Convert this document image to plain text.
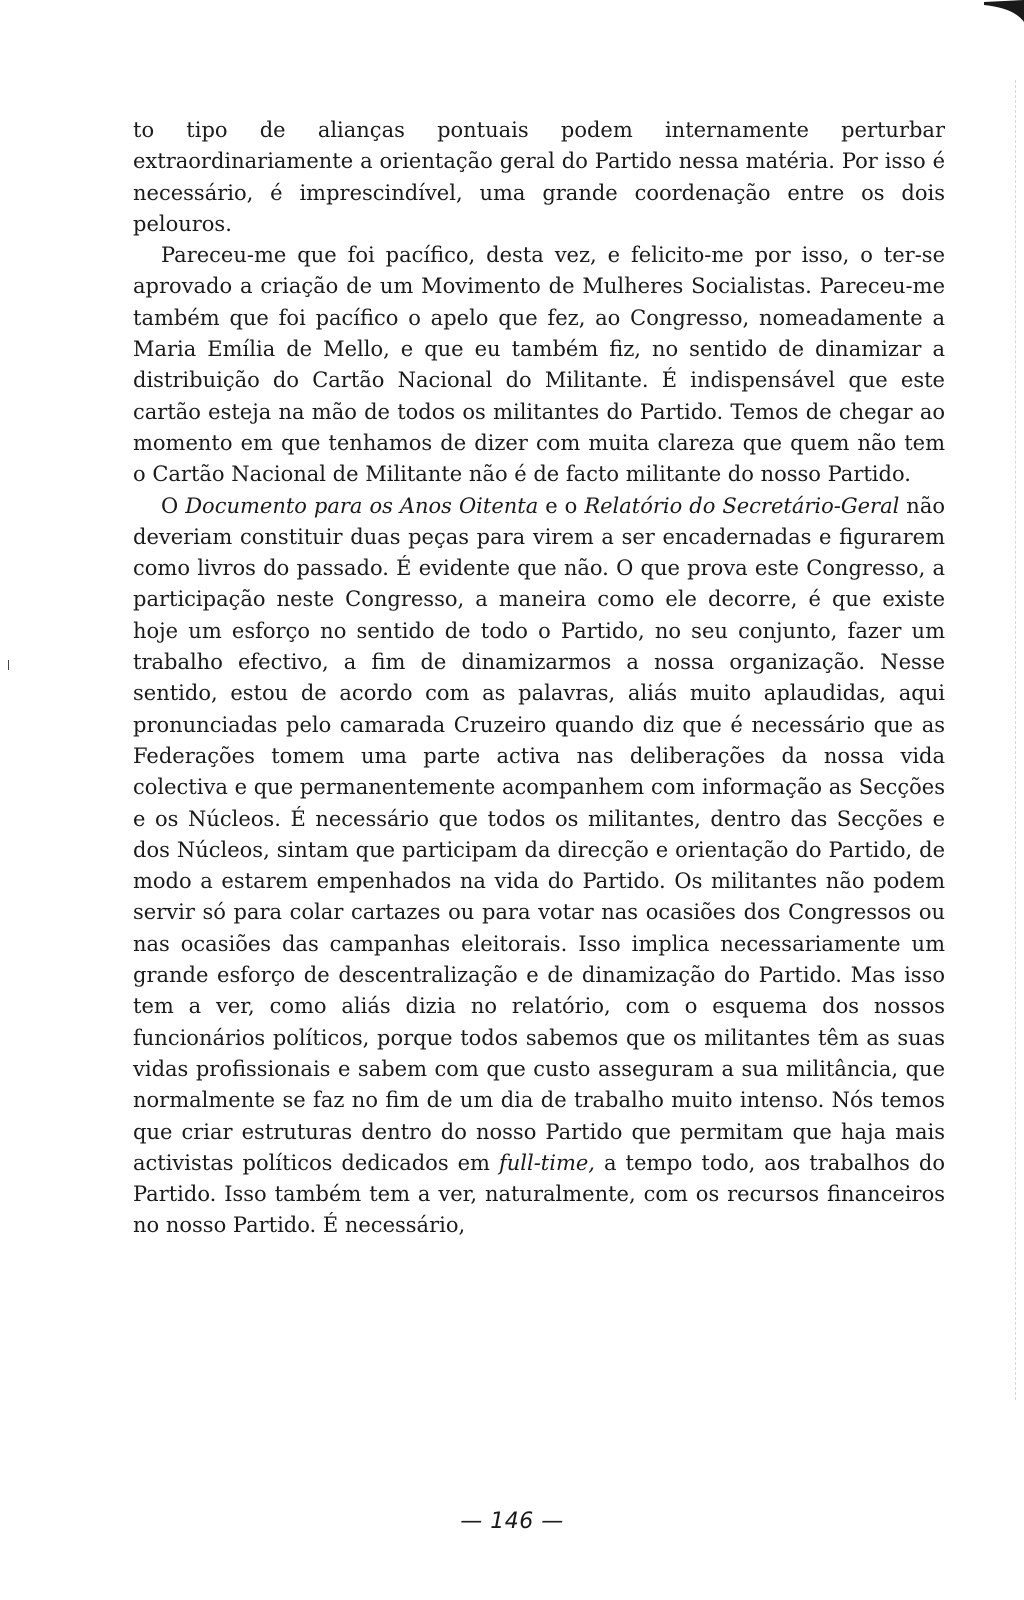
to tipo de alianças pontuais podem internamente perturbar extraordinariamente a orientação geral do Partido nessa matéria. Por isso é necessário, é imprescindível, uma grande coordenação entre os dois pelouros.

Pareceu-me que foi pacífico, desta vez, e felicito-me por isso, o ter-se aprovado a criação de um Movimento de Mulheres Socialistas. Pareceu-me também que foi pacífico o apelo que fez, ao Congresso, nomeadamente a Maria Emília de Mello, e que eu também fiz, no sentido de dinamizar a distribuição do Cartão Nacional do Militante. É indispensável que este cartão esteja na mão de todos os militantes do Partido. Temos de chegar ao momento em que tenhamos de dizer com muita clareza que quem não tem o Cartão Nacional de Militante não é de facto militante do nosso Partido.

O Documento para os Anos Oitenta e o Relatório do Secretário-Geral não deveriam constituir duas peças para virem a ser encadernadas e figurarem como livros do passado. É evidente que não. O que prova este Congresso, a participação neste Congresso, a maneira como ele decorre, é que existe hoje um esforço no sentido de todo o Partido, no seu conjunto, fazer um trabalho efectivo, a fim de dinamizarmos a nossa organização. Nesse sentido, estou de acordo com as palavras, aliás muito aplaudidas, aqui pronunciadas pelo camarada Cruzeiro quando diz que é necessário que as Federações tomem uma parte activa nas deliberações da nossa vida colectiva e que permanentemente acompanhem com informação as Secções e os Núcleos. É necessário que todos os militantes, dentro das Secções e dos Núcleos, sintam que participam da direcção e orientação do Partido, de modo a estarem empenhados na vida do Partido. Os militantes não podem servir só para colar cartazes ou para votar nas ocasiões dos Congressos ou nas ocasiões das campanhas eleitorais. Isso implica necessariamente um grande esforço de descentralização e de dinamização do Partido. Mas isso tem a ver, como aliás dizia no relatório, com o esquema dos nossos funcionários políticos, porque todos sabemos que os militantes têm as suas vidas profissionais e sabem com que custo asseguram a sua militância, que normalmente se faz no fim de um dia de trabalho muito intenso. Nós temos que criar estruturas dentro do nosso Partido que permitam que haja mais activistas políticos dedicados em full-time, a tempo todo, aos trabalhos do Partido. Isso também tem a ver, naturalmente, com os recursos financeiros no nosso Partido. É necessário,

— 146 —
